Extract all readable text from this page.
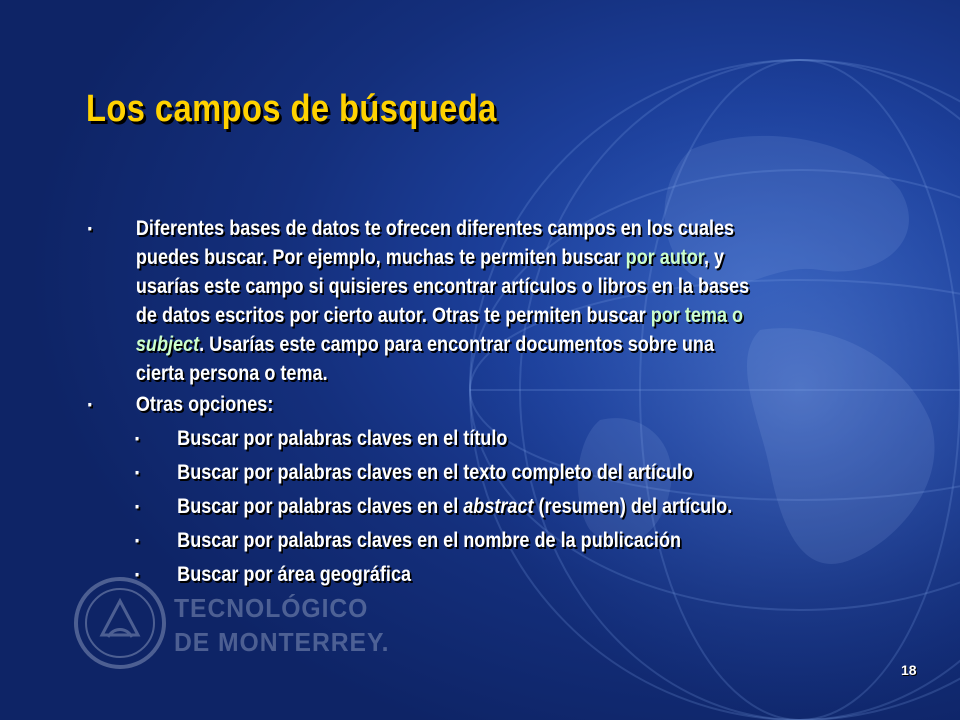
Los campos de búsqueda
▪ Diferentes bases de datos te ofrecen diferentes campos en los cuales puedes buscar. Por ejemplo, muchas te permiten buscar por autor, y usarías este campo si quisieres encontrar artículos o libros en la bases de datos escritos por cierto autor. Otras te permiten buscar por tema o subject. Usarías este campo para encontrar documentos sobre una cierta persona o tema.
▪ Otras opciones:
▪ Buscar por palabras claves en el título
▪ Buscar por palabras claves en el texto completo del artículo
▪ Buscar por palabras claves en el abstract (resumen) del artículo.
▪ Buscar por palabras claves en el nombre de la publicación
▪ Buscar por área geográfica
TECNOLÓGICO
DE MONTERREY.
18
